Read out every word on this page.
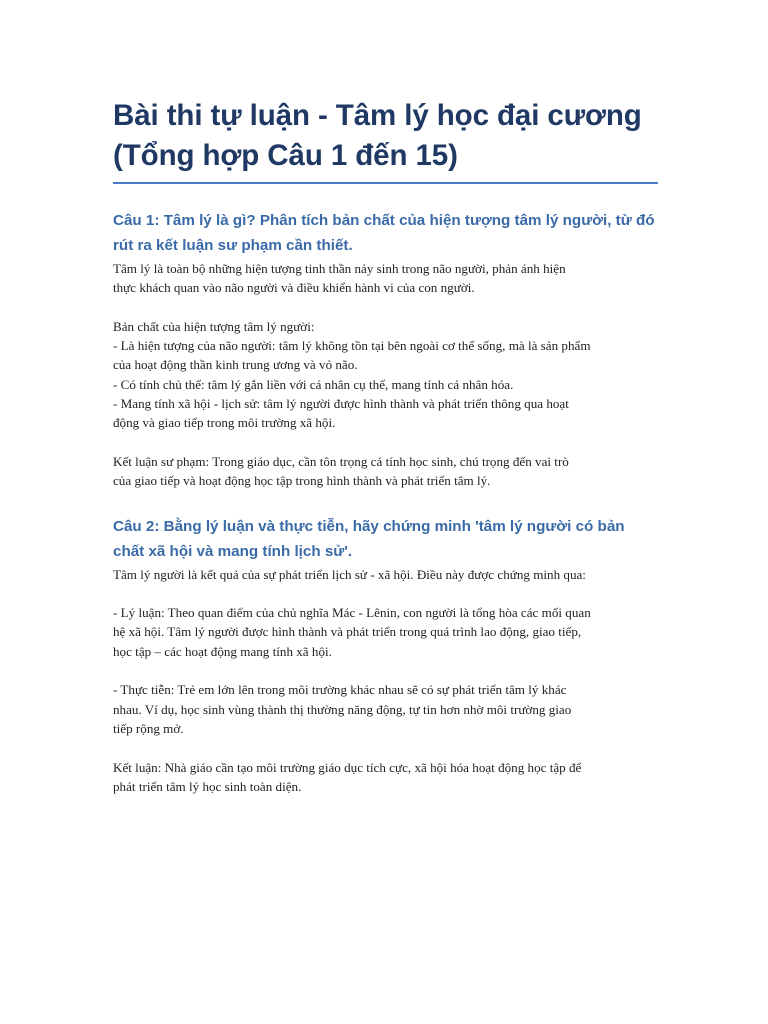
Bài thi tự luận - Tâm lý học đại cương
(Tổng hợp Câu 1 đến 15)
Câu 1: Tâm lý là gì? Phân tích bản chất của hiện tượng tâm lý người, từ đó
rút ra kết luận sư phạm cần thiết.

Tâm lý là toàn bộ những hiện tượng tinh thần nảy sinh trong não người, phản ánh hiện
thực khách quan vào não người và điều khiển hành vi của con người.

Bản chất của hiện tượng tâm lý người:
- Là hiện tượng của não người: tâm lý không tồn tại bên ngoài cơ thể sống, mà là sản phẩm
của hoạt động thần kinh trung ương và vỏ não.
- Có tính chủ thể: tâm lý gắn liền với cá nhân cụ thể, mang tính cá nhân hóa.
- Mang tính xã hội - lịch sử: tâm lý người được hình thành và phát triển thông qua hoạt
động và giao tiếp trong môi trường xã hội.

Kết luận sư phạm: Trong giáo dục, cần tôn trọng cá tính học sinh, chú trọng đến vai trò
của giao tiếp và hoạt động học tập trong hình thành và phát triển tâm lý.

Câu 2: Bằng lý luận và thực tiễn, hãy chứng minh 'tâm lý người có bản
chất xã hội và mang tính lịch sử'.

Tâm lý người là kết quả của sự phát triển lịch sử - xã hội. Điều này được chứng minh qua:

- Lý luận: Theo quan điểm của chủ nghĩa Mác - Lênin, con người là tổng hòa các mối quan
hệ xã hội. Tâm lý người được hình thành và phát triển trong quá trình lao động, giao tiếp,
học tập – các hoạt động mang tính xã hội.

- Thực tiễn: Trẻ em lớn lên trong môi trường khác nhau sẽ có sự phát triển tâm lý khác
nhau. Ví dụ, học sinh vùng thành thị thường năng động, tự tin hơn nhờ môi trường giao
tiếp rộng mở.

Kết luận: Nhà giáo cần tạo môi trường giáo dục tích cực, xã hội hóa hoạt động học tập để
phát triển tâm lý học sinh toàn diện.
